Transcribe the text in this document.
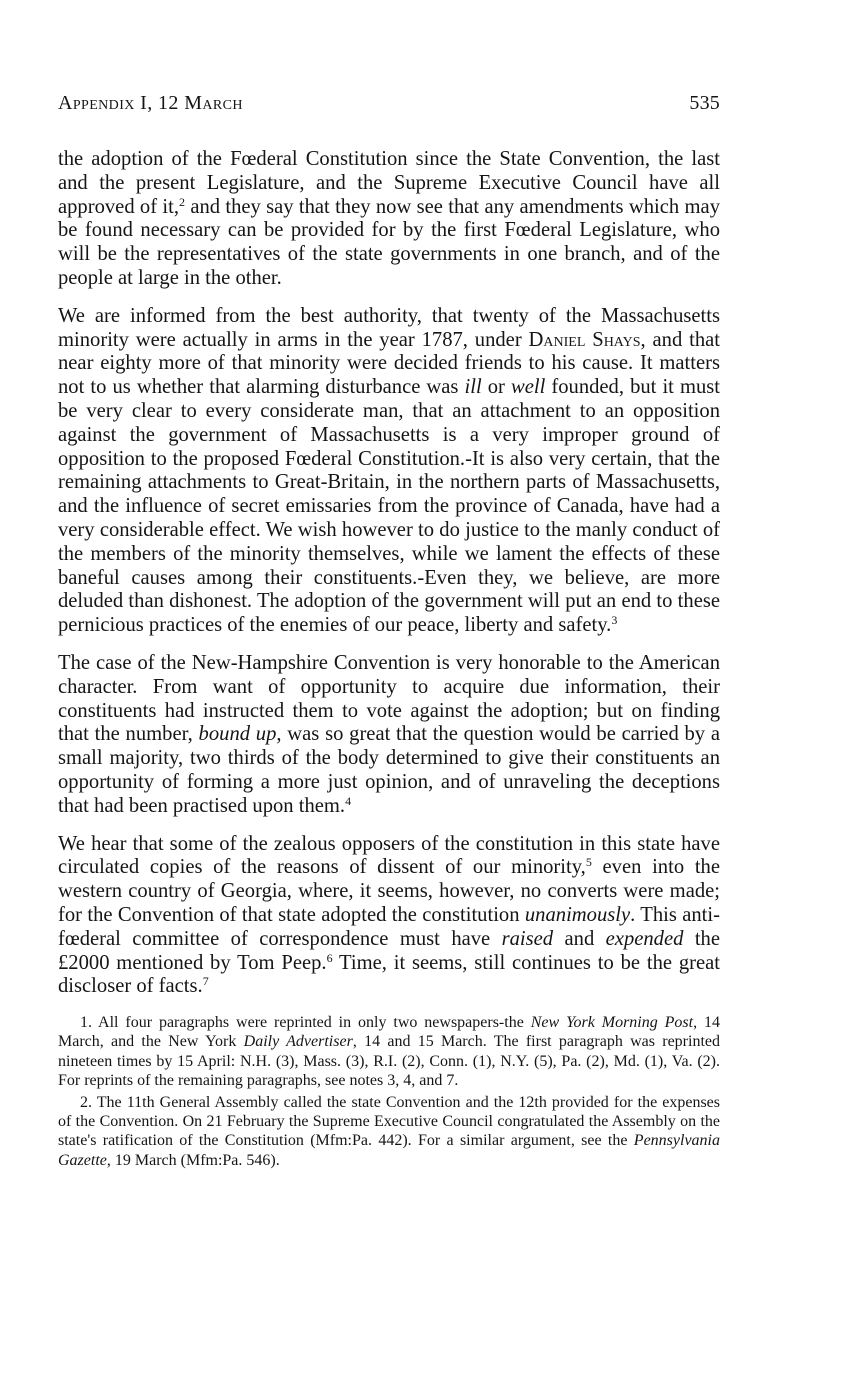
Appendix I, 12 March	535

the adoption of the Fœderal Constitution since the State Convention, the last and the present Legislature, and the Supreme Executive Council have all approved of it,$^2$ and they say that they now see that any amendments which may be found necessary can be provided for by the first Fœderal Legislature, who will be the representatives of the state governments in one branch, and of the people at large in the other.

We are informed from the best authority, that twenty of the Massachusetts minority were actually in arms in the year 1787, under Daniel Shays, and that near eighty more of that minority were decided friends to his cause. It matters not to us whether that alarming disturbance was ill or well founded, but it must be very clear to every considerate man, that an attachment to an opposition against the government of Massachusetts is a very improper ground of opposition to the proposed Fœderal Constitution.-It is also very certain, that the remaining attachments to Great-Britain, in the northern parts of Massachusetts, and the influence of secret emissaries from the province of Canada, have had a very considerable effect. We wish however to do justice to the manly conduct of the members of the minority themselves, while we lament the effects of these baneful causes among their constituents.-Even they, we believe, are more deluded than dishonest. The adoption of the government will put an end to these pernicious practices of the enemies of our peace, liberty and safety.$^3$

The case of the New-Hampshire Convention is very honorable to the American character. From want of opportunity to acquire due information, their constituents had instructed them to vote against the adoption; but on finding that the number, bound up, was so great that the question would be carried by a small majority, two thirds of the body determined to give their constituents an opportunity of forming a more just opinion, and of unraveling the deceptions that had been practised upon them.$^4$

We hear that some of the zealous opposers of the constitution in this state have circulated copies of the reasons of dissent of our minority,$^5$ even into the western country of Georgia, where, it seems, however, no converts were made; for the Convention of that state adopted the constitution unanimously. This anti-fœderal committee of correspondence must have raised and expended the £2000 mentioned by Tom Peep.$^6$ Time, it seems, still continues to be the great discloser of facts.$^7$

1. All four paragraphs were reprinted in only two newspapers-the New York Morning Post, 14 March, and the New York Daily Advertiser, 14 and 15 March. The first paragraph was reprinted nineteen times by 15 April: N.H. (3), Mass. (3), R.I. (2), Conn. (1), N.Y. (5), Pa. (2), Md. (1), Va. (2). For reprints of the remaining paragraphs, see notes 3, 4, and 7.

2. The 11th General Assembly called the state Convention and the 12th provided for the expenses of the Convention. On 21 February the Supreme Executive Council congratulated the Assembly on the state's ratification of the Constitution (Mfm:Pa. 442). For a similar argument, see the Pennsylvania Gazette, 19 March (Mfm:Pa. 546).
